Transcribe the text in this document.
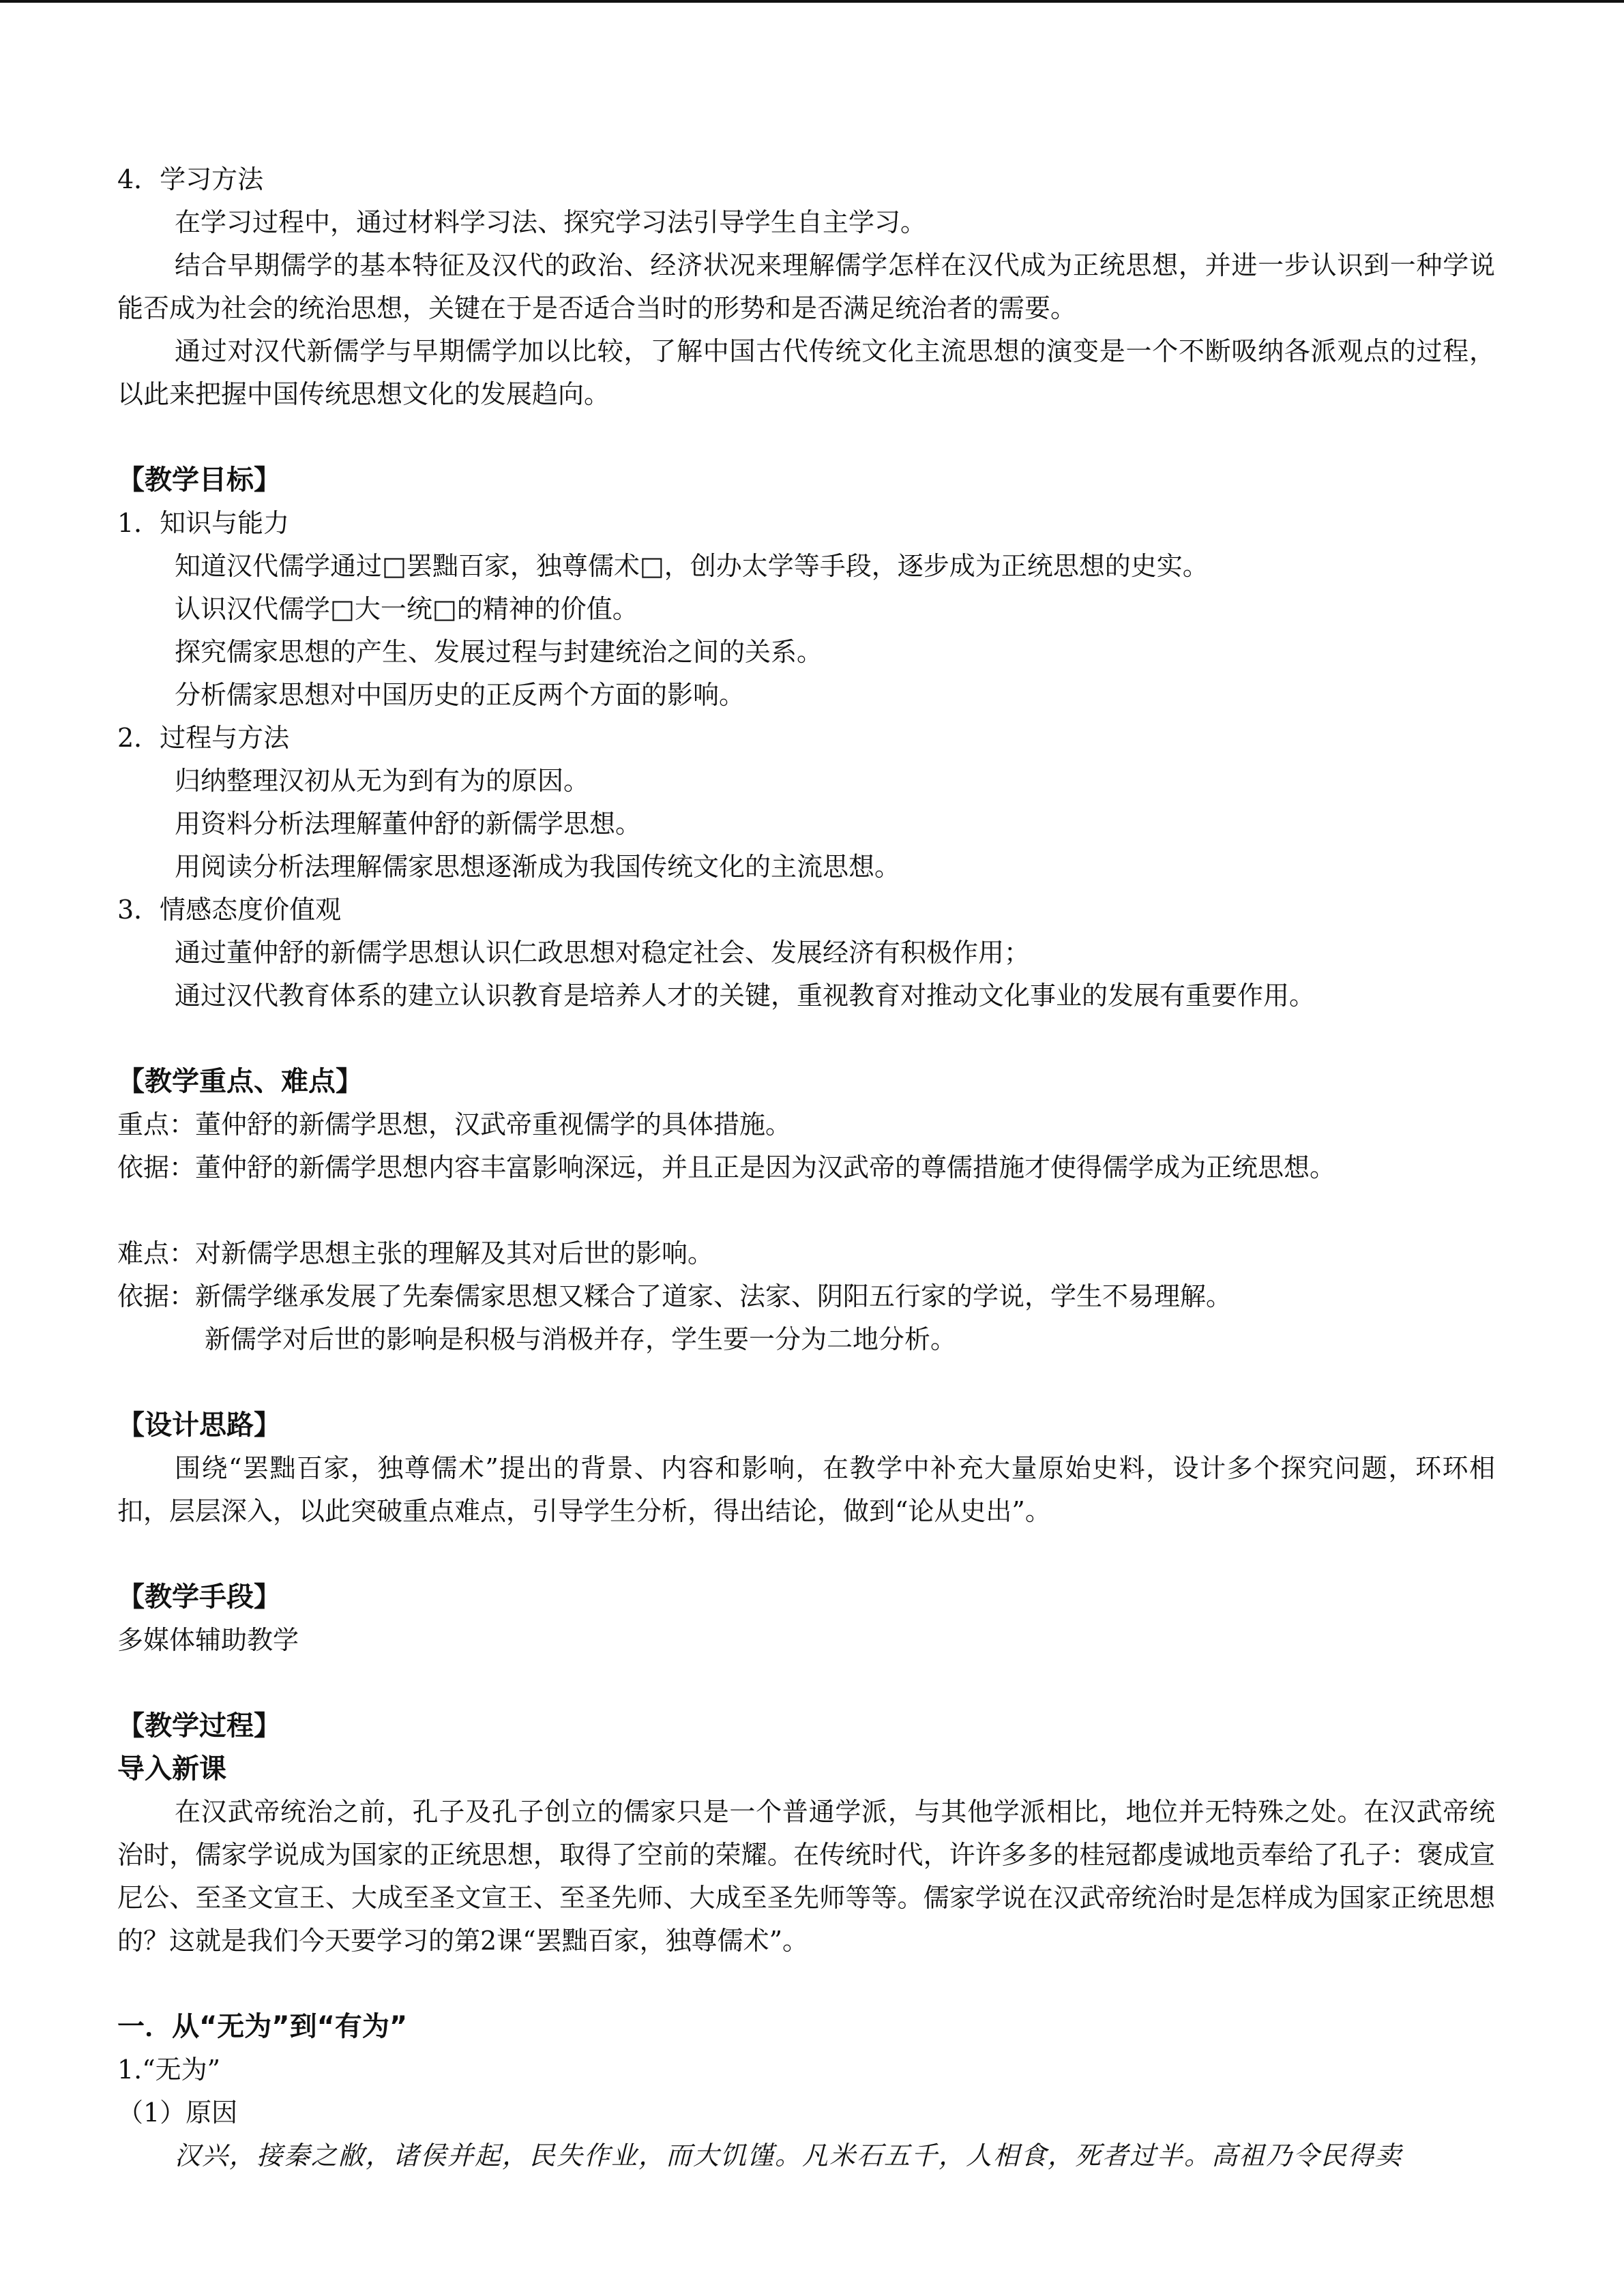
4．学习方法
在学习过程中，通过材料学习法、探究学习法引导学生自主学习。
结合早期儒学的基本特征及汉代的政治、经济状况来理解儒学怎样在汉代成为正统思想，并进一步认识到一种学说能否成为社会的统治思想，关键在于是否适合当时的形势和是否满足统治者的需要。
通过对汉代新儒学与早期儒学加以比较，了解中国古代传统文化主流思想的演变是一个不断吸纳各派观点的过程，以此来把握中国传统思想文化的发展趋向。
【教学目标】
1．知识与能力
知道汉代儒学通过□罢黜百家，独尊儒术□，创办太学等手段，逐步成为正统思想的史实。
认识汉代儒学□大一统□的精神的价值。
探究儒家思想的产生、发展过程与封建统治之间的关系。
分析儒家思想对中国历史的正反两个方面的影响。
2．过程与方法
归纳整理汉初从无为到有为的原因。
用资料分析法理解董仲舒的新儒学思想。
用阅读分析法理解儒家思想逐渐成为我国传统文化的主流思想。
3．情感态度价值观
通过董仲舒的新儒学思想认识仁政思想对稳定社会、发展经济有积极作用；
通过汉代教育体系的建立认识教育是培养人才的关键，重视教育对推动文化事业的发展有重要作用。
【教学重点、难点】
重点：董仲舒的新儒学思想，汉武帝重视儒学的具体措施。
依据：董仲舒的新儒学思想内容丰富影响深远，并且正是因为汉武帝的尊儒措施才使得儒学成为正统思想。
难点：对新儒学思想主张的理解及其对后世的影响。
依据：新儒学继承发展了先秦儒家思想又糅合了道家、法家、阴阳五行家的学说，学生不易理解。
新儒学对后世的影响是积极与消极并存，学生要一分为二地分析。
【设计思路】
围绕“罢黜百家，独尊儒术”提出的背景、内容和影响，在教学中补充大量原始史料，设计多个探究问题，环环相扣，层层深入，以此突破重点难点，引导学生分析，得出结论，做到“论从史出”。
【教学手段】
多媒体辅助教学
【教学过程】
导入新课
在汉武帝统治之前，孔子及孔子创立的儒家只是一个普通学派，与其他学派相比，地位并无特殊之处。在汉武帝统治时，儒家学说成为国家的正统思想，取得了空前的荣耀。在传统时代，许许多多的桂冠都虔诚地贡奉给了孔子：褒成宣尼公、至圣文宣王、大成至圣文宣王、至圣先师、大成至圣先师等等。儒家学说在汉武帝统治时是怎样成为国家正统思想的？这就是我们今天要学习的第2课“罢黜百家，独尊儒术”。
一．从“无为”到“有为”
1.“无为”
（1）原因
汉兴，接秦之敝，诸侯并起，民失作业，而大饥馑。凡米石五千，人相食，死者过半。高祖乃令民得卖
